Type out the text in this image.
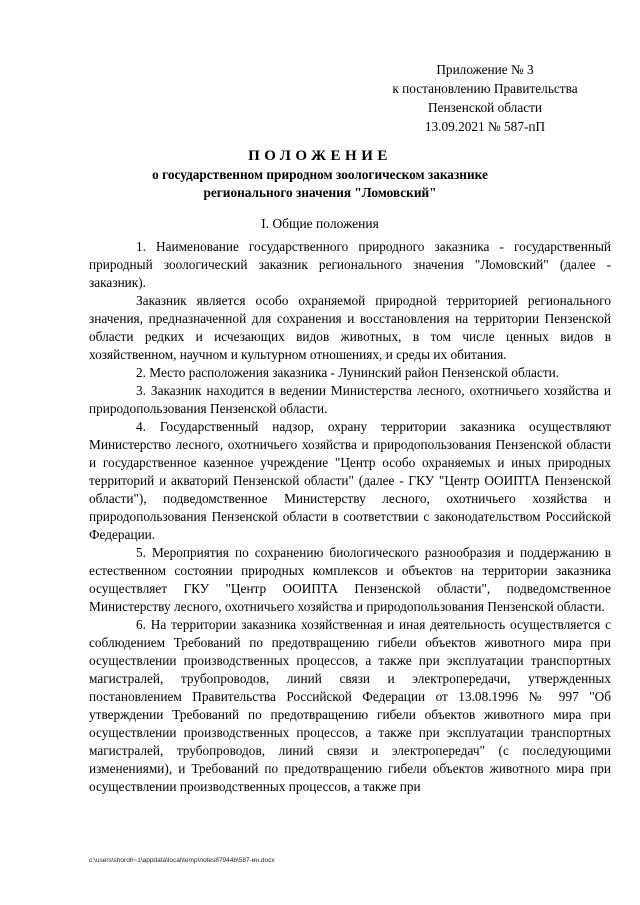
Приложение № 3
к постановлению Правительства
Пензенской области
13.09.2021 № 587-пП
ПОЛОЖЕНИЕ
о государственном природном зоологическом заказнике
регионального значения "Ломовский"
I. Общие положения

1. Наименование государственного природного заказника - государственный природный зоологический заказник регионального значения "Ломовский" (далее - заказник).

Заказник является особо охраняемой природной территорией регионального значения, предназначенной для сохранения и восстановления на территории Пензенской области редких и исчезающих видов животных, в том числе ценных видов в хозяйственном, научном и культурном отношениях, и среды их обитания.

2. Место расположения заказника - Лунинский район Пензенской области.

3. Заказник находится в ведении Министерства лесного, охотничьего хозяйства и природопользования Пензенской области.

4. Государственный надзор, охрану территории заказника осуществляют Министерство лесного, охотничьего хозяйства и природопользования Пензенской области и государственное казенное учреждение "Центр особо охраняемых и иных природных территорий и акваторий Пензенской области" (далее - ГКУ "Центр ООИПТА Пензенской области"), подведомственное Министерству лесного, охотничьего хозяйства и природопользования Пензенской области в соответствии с законодательством Российской Федерации.

5. Мероприятия по сохранению биологического разнообразия и поддержанию в естественном состоянии природных комплексов и объектов на территории заказника осуществляет ГКУ "Центр ООИПТА Пензенской области", подведомственное Министерству лесного, охотничьего хозяйства и природопользования Пензенской области.

6. На территории заказника хозяйственная и иная деятельность осуществляется с соблюдением Требований по предотвращению гибели объектов животного мира при осуществлении производственных процессов, а также при эксплуатации транспортных магистралей, трубопроводов, линий связи и электропередачи, утвержденных постановлением Правительства Российской Федерации от 13.08.1996 № 997 "Об утверждении Требований по предотвращению гибели объектов животного мира при осуществлении производственных процессов, а также при эксплуатации транспортных магистралей, трубопроводов, линий связи и электропередач" (с последующими изменениями), и Требований по предотвращению гибели объектов животного мира при осуществлении производственных процессов, а также при

c:\users\shoroh~1\appdata\local\temp\notes87944b\587-ии.docx
